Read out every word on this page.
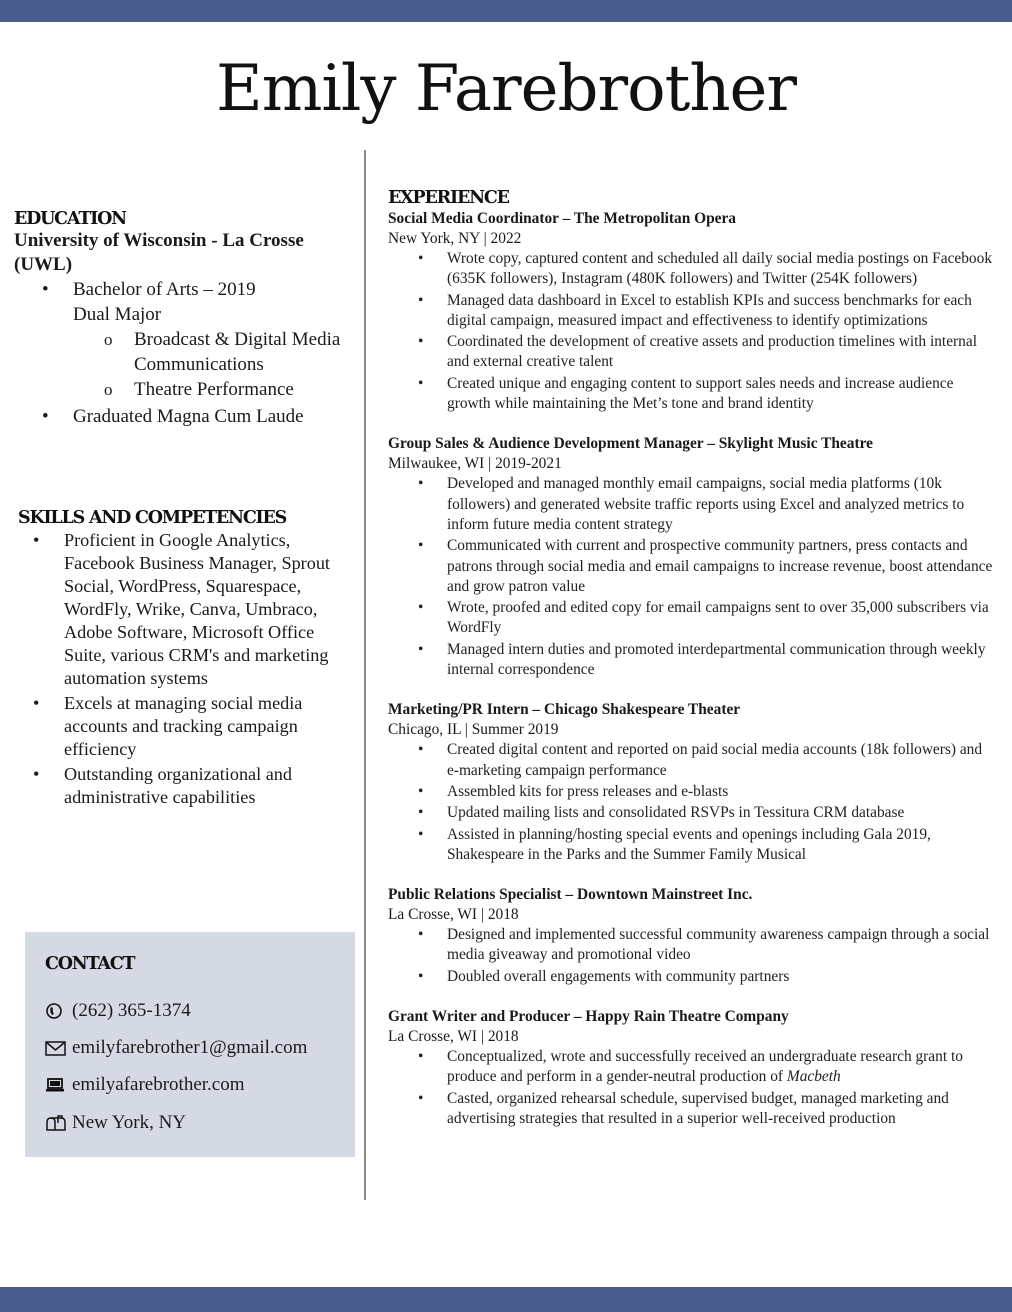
Emily Farebrother
EDUCATION

University of Wisconsin - La Crosse (UWL)

• Bachelor of Arts – 2019
Dual Major
o Broadcast & Digital Media Communications
o Theatre Performance
• Graduated Magna Cum Laude
SKILLS AND COMPETENCIES
• Proficient in Google Analytics, Facebook Business Manager, Sprout Social, WordPress, Squarespace, WordFly, Wrike, Canva, Umbraco, Adobe Software, Microsoft Office Suite, various CRM's and marketing automation systems
• Excels at managing social media accounts and tracking campaign efficiency
• Outstanding organizational and administrative capabilities
CONTACT
(262) 365-1374
emilyfarebrother1@gmail.com
emilyafarebrother.com
New York, NY
EXPERIENCE

Social Media Coordinator – The Metropolitan Opera

New York, NY | 2022

• Wrote copy, captured content and scheduled all daily social media postings on Facebook (635K followers), Instagram (480K followers) and Twitter (254K followers)
• Managed data dashboard in Excel to establish KPIs and success benchmarks for each digital campaign, measured impact and effectiveness to identify optimizations
• Coordinated the development of creative assets and production timelines with internal and external creative talent
• Created unique and engaging content to support sales needs and increase audience growth while maintaining the Met’s tone and brand identity

Group Sales & Audience Development Manager – Skylight Music Theatre

Milwaukee, WI | 2019-2021

• Developed and managed monthly email campaigns, social media platforms (10k followers) and generated website traffic reports using Excel and analyzed metrics to inform future media content strategy
• Communicated with current and prospective community partners, press contacts and patrons through social media and email campaigns to increase revenue, boost attendance and grow patron value
• Wrote, proofed and edited copy for email campaigns sent to over 35,000 subscribers via WordFly
• Managed intern duties and promoted interdepartmental communication through weekly internal correspondence

Marketing/PR Intern – Chicago Shakespeare Theater

Chicago, IL | Summer 2019

• Created digital content and reported on paid social media accounts (18k followers) and e-marketing campaign performance
• Assembled kits for press releases and e-blasts
• Updated mailing lists and consolidated RSVPs in Tessitura CRM database
• Assisted in planning/hosting special events and openings including Gala 2019, Shakespeare in the Parks and the Summer Family Musical

Public Relations Specialist – Downtown Mainstreet Inc.

La Crosse, WI | 2018

• Designed and implemented successful community awareness campaign through a social media giveaway and promotional video
• Doubled overall engagements with community partners

Grant Writer and Producer – Happy Rain Theatre Company

La Crosse, WI | 2018

• Conceptualized, wrote and successfully received an undergraduate research grant to produce and perform in a gender-neutral production of Macbeth
• Casted, organized rehearsal schedule, supervised budget, managed marketing and advertising strategies that resulted in a superior well-received production
